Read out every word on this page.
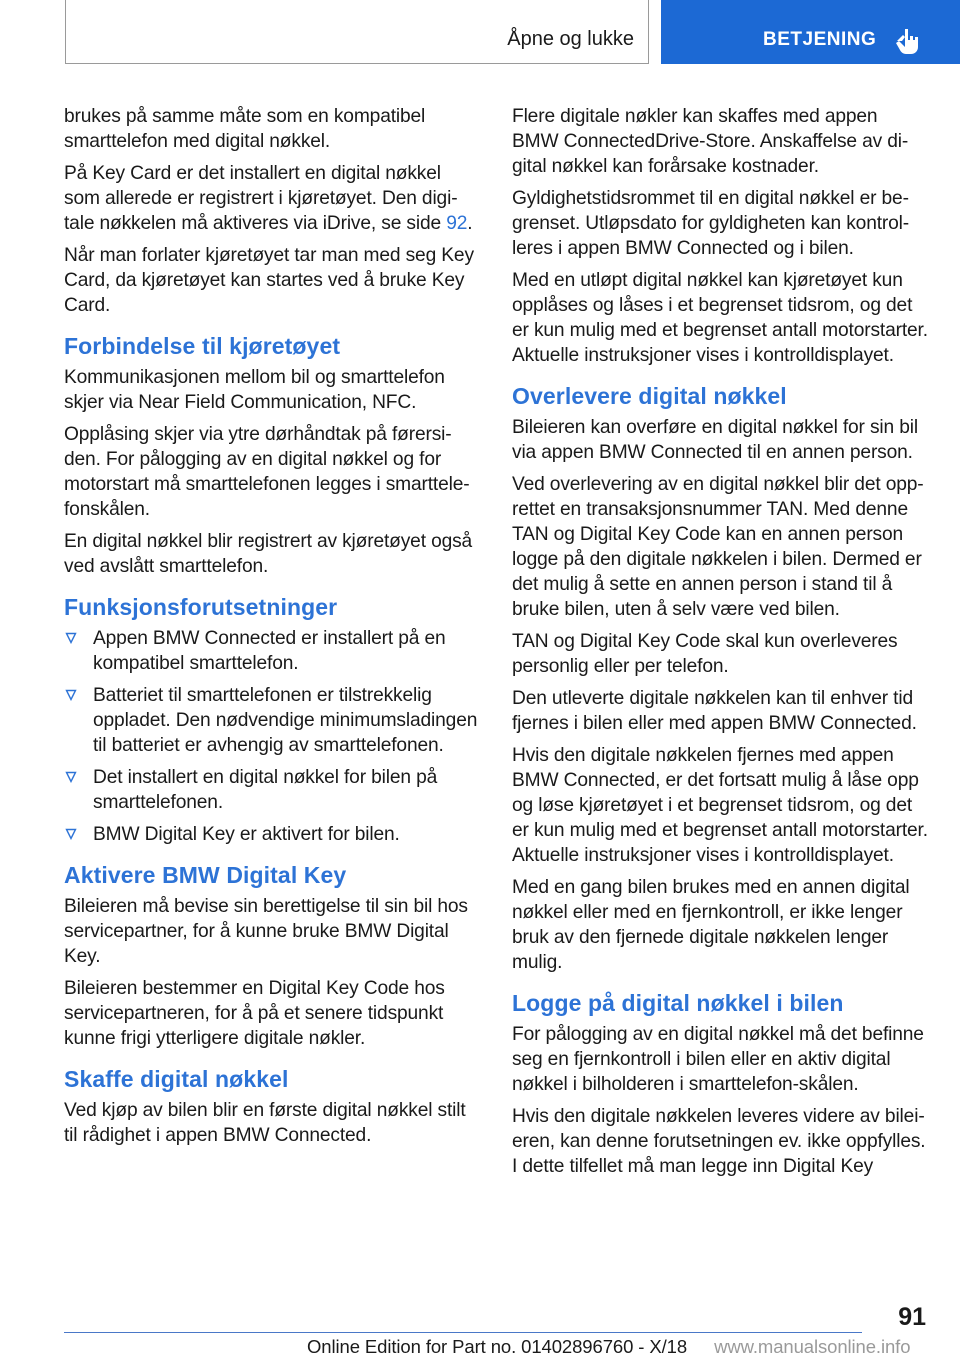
Åpne og lukke	BETJENING

brukes på samme måte som en kompatibel smarttelefon med digital nøkkel.

På Key Card er det installert en digital nøkkel som allerede er registrert i kjøretøyet. Den digitale nøkkelen må aktiveres via iDrive, se side 92.

Når man forlater kjøretøyet tar man med seg Key Card, da kjøretøyet kan startes ved å bruke Key Card.

Forbindelse til kjøretøyet

Kommunikasjonen mellom bil og smarttelefon skjer via Near Field Communication, NFC.

Opplåsing skjer via ytre dørhåndtak på førersiden. For pålogging av en digital nøkkel og for motorstart må smarttelefonen legges i smarttelefonskålen.

En digital nøkkel blir registrert av kjøretøyet også ved avslått smarttelefon.

Funksjonsforutsetninger
Appen BMW Connected er installert på en kompatibel smarttelefon.
Batteriet til smarttelefonen er tilstrekkelig oppladet. Den nødvendige minimumsladingen til batteriet er avhengig av smarttelefonen.
Det installert en digital nøkkel for bilen på smarttelefonen.
BMW Digital Key er aktivert for bilen.
Aktivere BMW Digital Key

Bileieren må bevise sin berettigelse til sin bil hos servicepartner, for å kunne bruke BMW Digital Key.

Bileieren bestemmer en Digital Key Code hos servicepartneren, for å på et senere tidspunkt kunne frigi ytterligere digitale nøkler.

Skaffe digital nøkkel

Ved kjøp av bilen blir en første digital nøkkel stilt til rådighet i appen BMW Connected.

Flere digitale nøkler kan skaffes med appen BMW ConnectedDrive-Store. Anskaffelse av digital nøkkel kan forårsake kostnader.

Gyldighetstidsrommet til en digital nøkkel er begrenset. Utløpsdato for gyldigheten kan kontrolleres i appen BMW Connected og i bilen.

Med en utløpt digital nøkkel kan kjøretøyet kun opplåses og låses i et begrenset tidsrom, og det er kun mulig med et begrenset antall motorstarter. Aktuelle instruksjoner vises i kontrolldisplayet.

Overlevere digital nøkkel

Bileieren kan overføre en digital nøkkel for sin bil via appen BMW Connected til en annen person.

Ved overlevering av en digital nøkkel blir det opprettet en transaksjonsnummer TAN. Med denne TAN og Digital Key Code kan en annen person logge på den digitale nøkkelen i bilen. Dermed er det mulig å sette en annen person i stand til å bruke bilen, uten å selv være ved bilen.

TAN og Digital Key Code skal kun overleveres personlig eller per telefon.

Den utleverte digitale nøkkelen kan til enhver tid fjernes i bilen eller med appen BMW Connected.

Hvis den digitale nøkkelen fjernes med appen BMW Connected, er det fortsatt mulig å låse opp og løse kjøretøyet i et begrenset tidsrom, og det er kun mulig med et begrenset antall motorstarter. Aktuelle instruksjoner vises i kontrolldisplayet.

Med en gang bilen brukes med en annen digital nøkkel eller med en fjernkontroll, er ikke lenger bruk av den fjernede digitale nøkkelen lenger mulig.

Logge på digital nøkkel i bilen

For pålogging av en digital nøkkel må det befinne seg en fjernkontroll i bilen eller en aktiv digital nøkkel i bilholderen i smarttelefon-skålen.

Hvis den digitale nøkkelen leveres videre av bileieren, kan denne forutsetningen ev. ikke oppfylles. I dette tilfellet må man legge inn Digital Key

91
Online Edition for Part no. 01402896760 - X/18 www.manualsonline.info
